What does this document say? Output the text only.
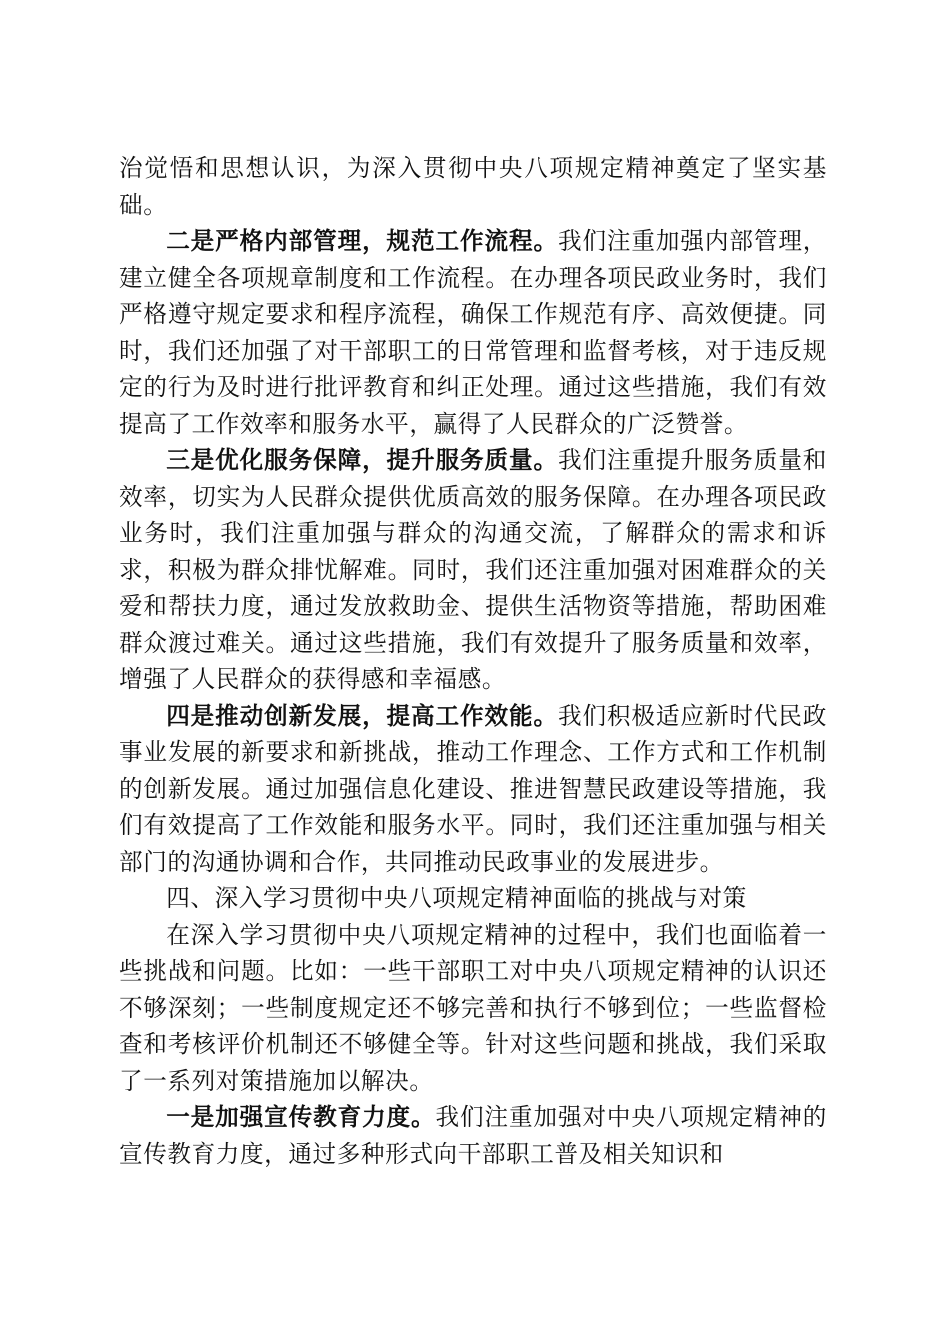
治觉悟和思想认识，为深入贯彻中央八项规定精神奠定了坚实基础。

二是严格内部管理，规范工作流程。我们注重加强内部管理，建立健全各项规章制度和工作流程。在办理各项民政业务时，我们严格遵守规定要求和程序流程，确保工作规范有序、高效便捷。同时，我们还加强了对干部职工的日常管理和监督考核，对于违反规定的行为及时进行批评教育和纠正处理。通过这些措施，我们有效提高了工作效率和服务水平，赢得了人民群众的广泛赞誉。

三是优化服务保障，提升服务质量。我们注重提升服务质量和效率，切实为人民群众提供优质高效的服务保障。在办理各项民政业务时，我们注重加强与群众的沟通交流，了解群众的需求和诉求，积极为群众排忧解难。同时，我们还注重加强对困难群众的关爱和帮扶力度，通过发放救助金、提供生活物资等措施，帮助困难群众渡过难关。通过这些措施，我们有效提升了服务质量和效率，增强了人民群众的获得感和幸福感。

四是推动创新发展，提高工作效能。我们积极适应新时代民政事业发展的新要求和新挑战，推动工作理念、工作方式和工作机制的创新发展。通过加强信息化建设、推进智慧民政建设等措施，我们有效提高了工作效能和服务水平。同时，我们还注重加强与相关部门的沟通协调和合作，共同推动民政事业的发展进步。

四、深入学习贯彻中央八项规定精神面临的挑战与对策

在深入学习贯彻中央八项规定精神的过程中，我们也面临着一些挑战和问题。比如：一些干部职工对中央八项规定精神的认识还不够深刻；一些制度规定还不够完善和执行不够到位；一些监督检查和考核评价机制还不够健全等。针对这些问题和挑战，我们采取了一系列对策措施加以解决。

一是加强宣传教育力度。我们注重加强对中央八项规定精神的宣传教育力度，通过多种形式向干部职工普及相关知识和
